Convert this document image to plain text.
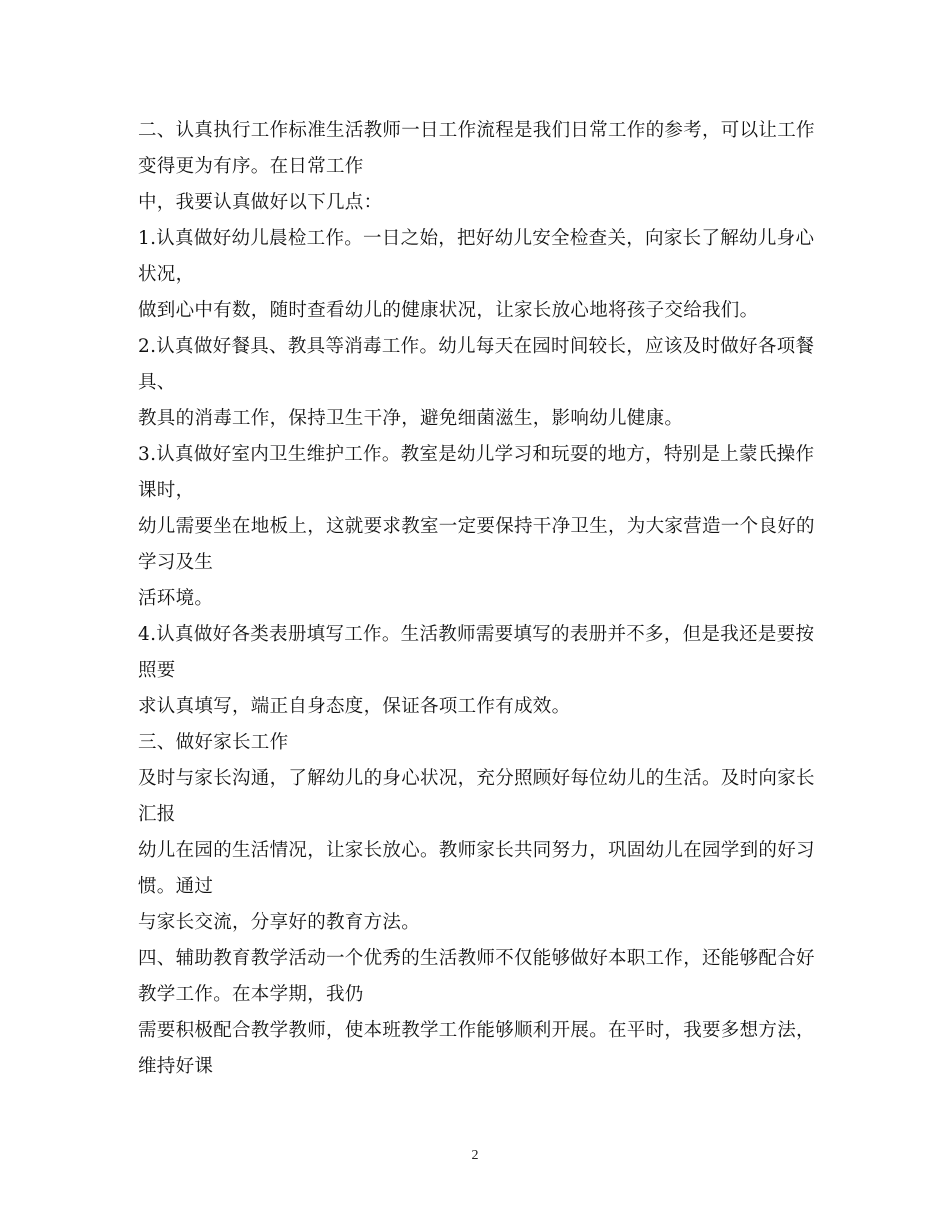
二、认真执行工作标准生活教师一日工作流程是我们日常工作的参考，可以让工作
变得更为有序。在日常工作
中，我要认真做好以下几点：
1.认真做好幼儿晨检工作。一日之始，把好幼儿安全检查关，向家长了解幼儿身心
状况，
做到心中有数，随时查看幼儿的健康状况，让家长放心地将孩子交给我们。
2.认真做好餐具、教具等消毒工作。幼儿每天在园时间较长，应该及时做好各项餐
具、
教具的消毒工作，保持卫生干净，避免细菌滋生，影响幼儿健康。
3.认真做好室内卫生维护工作。教室是幼儿学习和玩耍的地方，特别是上蒙氏操作
课时，
幼儿需要坐在地板上，这就要求教室一定要保持干净卫生，为大家营造一个良好的
学习及生
活环境。
4.认真做好各类表册填写工作。生活教师需要填写的表册并不多，但是我还是要按
照要
求认真填写，端正自身态度，保证各项工作有成效。
三、做好家长工作
及时与家长沟通，了解幼儿的身心状况，充分照顾好每位幼儿的生活。及时向家长
汇报
幼儿在园的生活情况，让家长放心。教师家长共同努力，巩固幼儿在园学到的好习
惯。通过
与家长交流，分享好的教育方法。
四、辅助教育教学活动一个优秀的生活教师不仅能够做好本职工作，还能够配合好
教学工作。在本学期，我仍
需要积极配合教学教师，使本班教学工作能够顺利开展。在平时，我要多想方法，
维持好课
2
